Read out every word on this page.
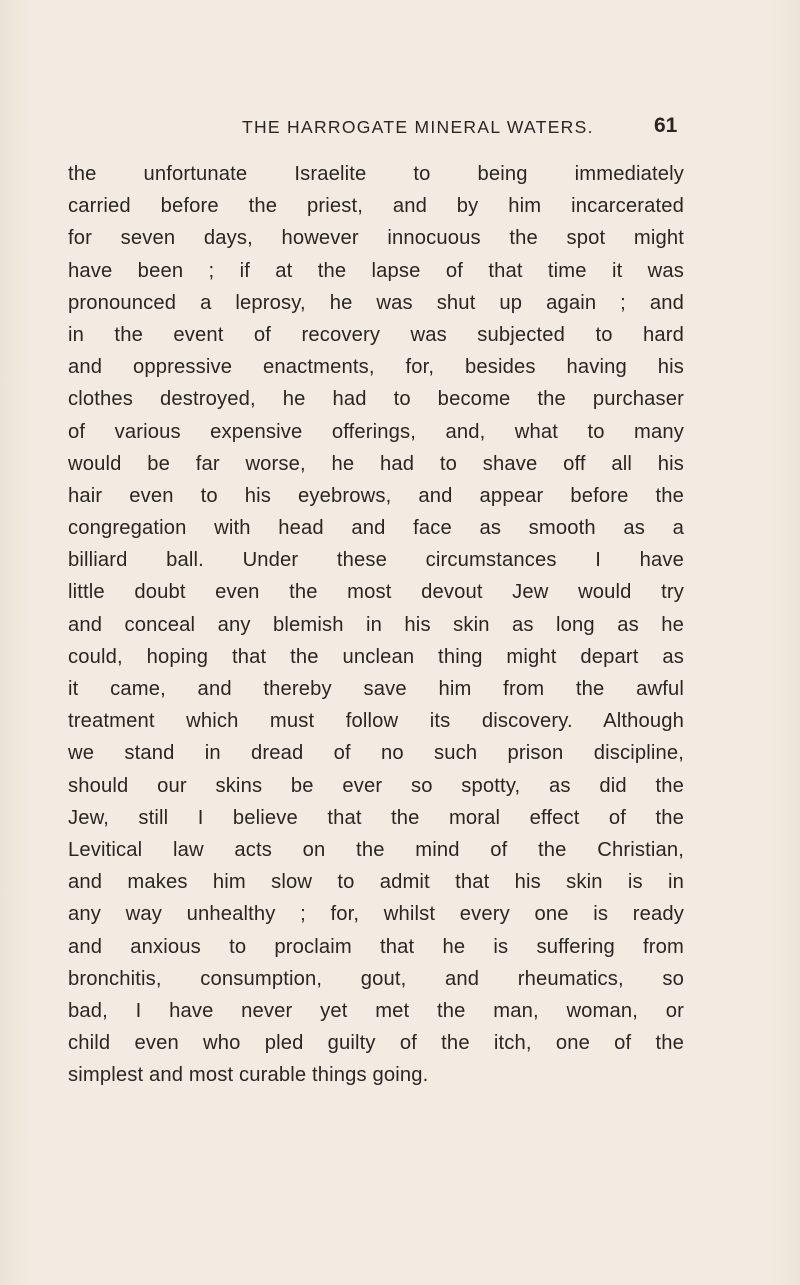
THE HARROGATE MINERAL WATERS.	61
the unfortunate Israelite to being immediately
carried before the priest, and by him incarcerated
for seven days, however innocuous the spot might
have been ; if at the lapse of that time it was
pronounced a leprosy, he was shut up again ; and
in the event of recovery was subjected to hard
and oppressive enactments, for, besides having his
clothes destroyed, he had to become the purchaser
of various expensive offerings, and, what to many
would be far worse, he had to shave off all his
hair even to his eyebrows, and appear before the
congregation with head and face as smooth as a
billiard ball. Under these circumstances I have
little doubt even the most devout Jew would try
and conceal any blemish in his skin as long as he
could, hoping that the unclean thing might depart as
it came, and thereby save him from the awful
treatment which must follow its discovery. Although
we stand in dread of no such prison discipline,
should our skins be ever so spotty, as did the
Jew, still I believe that the moral effect of the
Levitical law acts on the mind of the Christian,
and makes him slow to admit that his skin is in
any way unhealthy ; for, whilst every one is ready
and anxious to proclaim that he is suffering from
bronchitis, consumption, gout, and rheumatics, so
bad, I have never yet met the man, woman, or
child even who pled guilty of the itch, one of the
simplest and most curable things going.
